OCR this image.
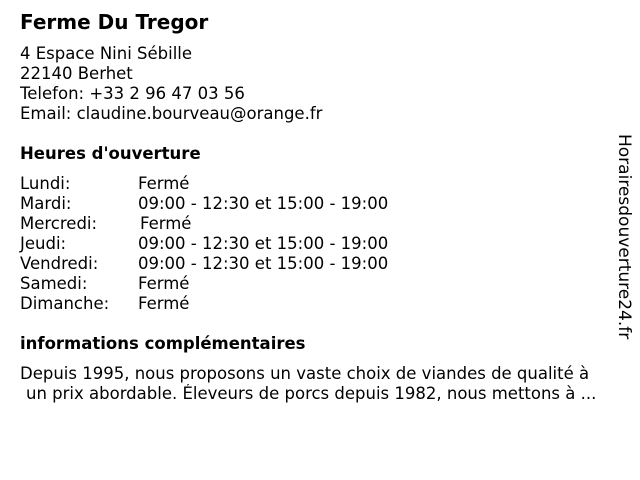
Ferme Du Tregor
4 Espace Nini Sébille
22140 Berhet
Telefon: +33 2 96 47 03 56
Email: claudine.bourveau@orange.fr
Heures d'ouverture
Lundi:	Fermé
Mardi:	09:00 - 12:30 et 15:00 - 19:00
Mercredi:	Fermé
Jeudi:	09:00 - 12:30 et 15:00 - 19:00
Vendredi: 09:00 - 12:30 et 15:00 - 19:00
Samedi:	Fermé
Dimanche: Fermé
informations complémentaires
Depuis 1995, nous proposons un vaste choix de viandes de qualité à
un prix abordable. Éleveurs de porcs depuis 1982, nous mettons à ...
Horairesdouverture24.fr
